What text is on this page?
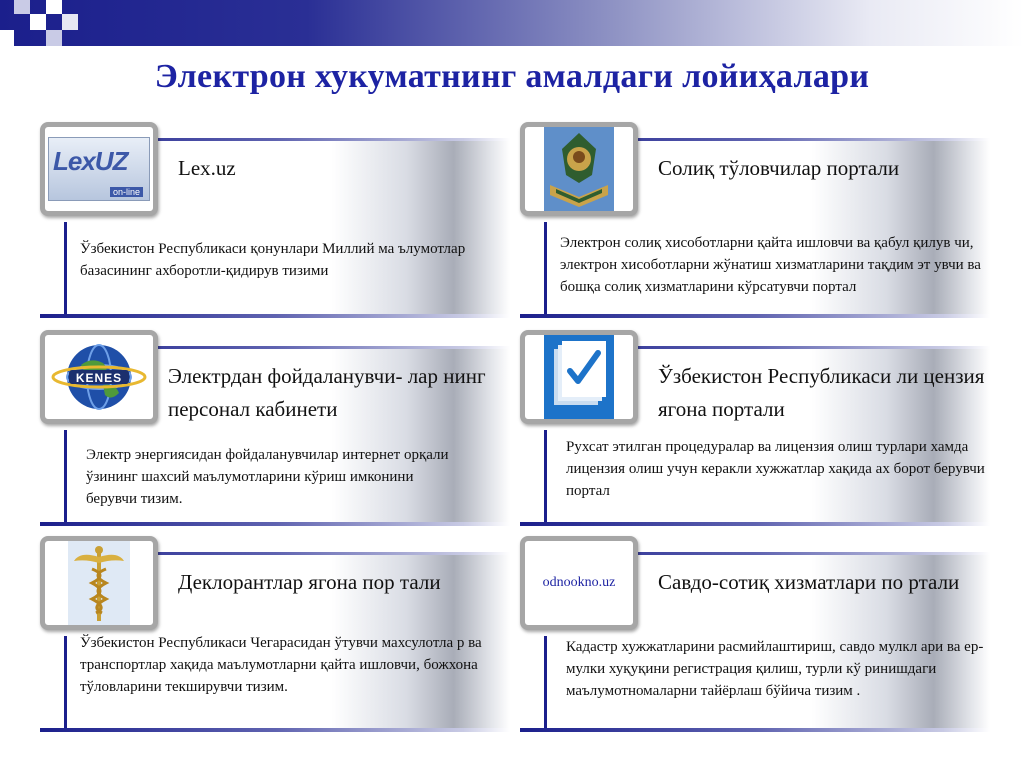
Электрон хукуматнинг амалдаги лойиҳалари
LexUZ
on-line
Lex.uz
Ўзбекистон Республикаси қонунлари Миллий ма ълумотлар базасининг ахборотли-қидирув тизими
Солиқ тўловчилар портали
Электрон солиқ хисоботларни қайта ишловчи ва қабул қилув чи, электрон хисоботларни жўнатиш хизматларини тақдим эт увчи ва бошқа солиқ хизматларини кўрсатувчи портал
KENES	Электрдан фойдаланувчи- лар нинг персонал кабинети
Электр энергиясидан фойдаланувчилар интернет орқали ўзининг шахсий маълумотларини кўриш имконини берувчи тизим.
Ўзбекистон Республикаси ли цензия ягона портали
Рухсат этилган процедуралар ва лицензия олиш турлари хамда лицензия олиш учун керакли хужжатлар хақида ах борот берувчи портал
Деклорантлар ягона пор тали
Ўзбекистон Республикаси Чегарасидан ўтувчи махсулотла р ва транспортлар хақида маълумотларни қайта ишловчи, божхона тўловларини текширувчи тизим.
odnookno.uz Савдо-сотиқ хизматлари по ртали
Кадастр хужжатларини расмийлаштириш, савдо мулкл ари ва ер-мулки хуқуқини регистрация қилиш, турли кў ринишдаги маълумотномаларни тайёрлаш бўйича тизим .
